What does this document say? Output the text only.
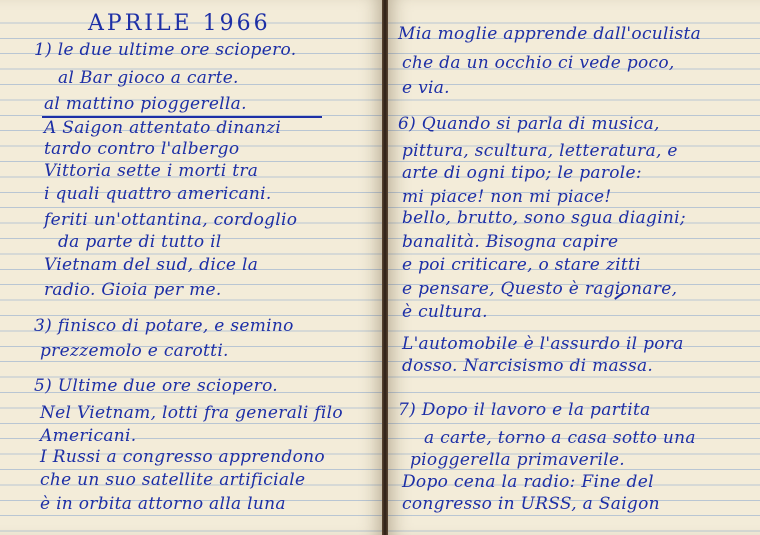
APRILE 1966
1) le due ultime ore sciopero.
al Bar gioco a carte.
al mattino pioggerella.
A Saigon attentato dinanzi
tardo contro l'albergo
Vittoria sette i morti tra
i quali quattro americani.
feriti un'ottantina, cordoglio
da parte di tutto il
Vietnam del sud, dice la
radio. Gioia per me.
3) finisco di potare, e semino
prezzemolo e carotti.
5) Ultime due ore sciopero.
Nel Vietnam, lotti fra generali filo
Americani.
I Russi a congresso apprendono
che un suo satellite artificiale
è in orbita attorno alla luna
Mia moglie apprende dall'oculista
che da un occhio ci vede poco,
e via.
6) Quando si parla di musica,
pittura, scultura, letteratura, e
arte di ogni tipo; le parole:
mi piace! non mi piace!
bello, brutto, sono sgua diagini;
banalità. Bisogna capire
e poi criticare, o stare zitti
e pensare, Questo è ragionare,
è cultura.
L'automobile è l'assurdo il pora
dosso. Narcisismo di massa.
7) Dopo il lavoro e la partita
a carte, torno a casa sotto una
pioggerella primaverile.
Dopo cena la radio: Fine del
congresso in URSS, a Saigon
